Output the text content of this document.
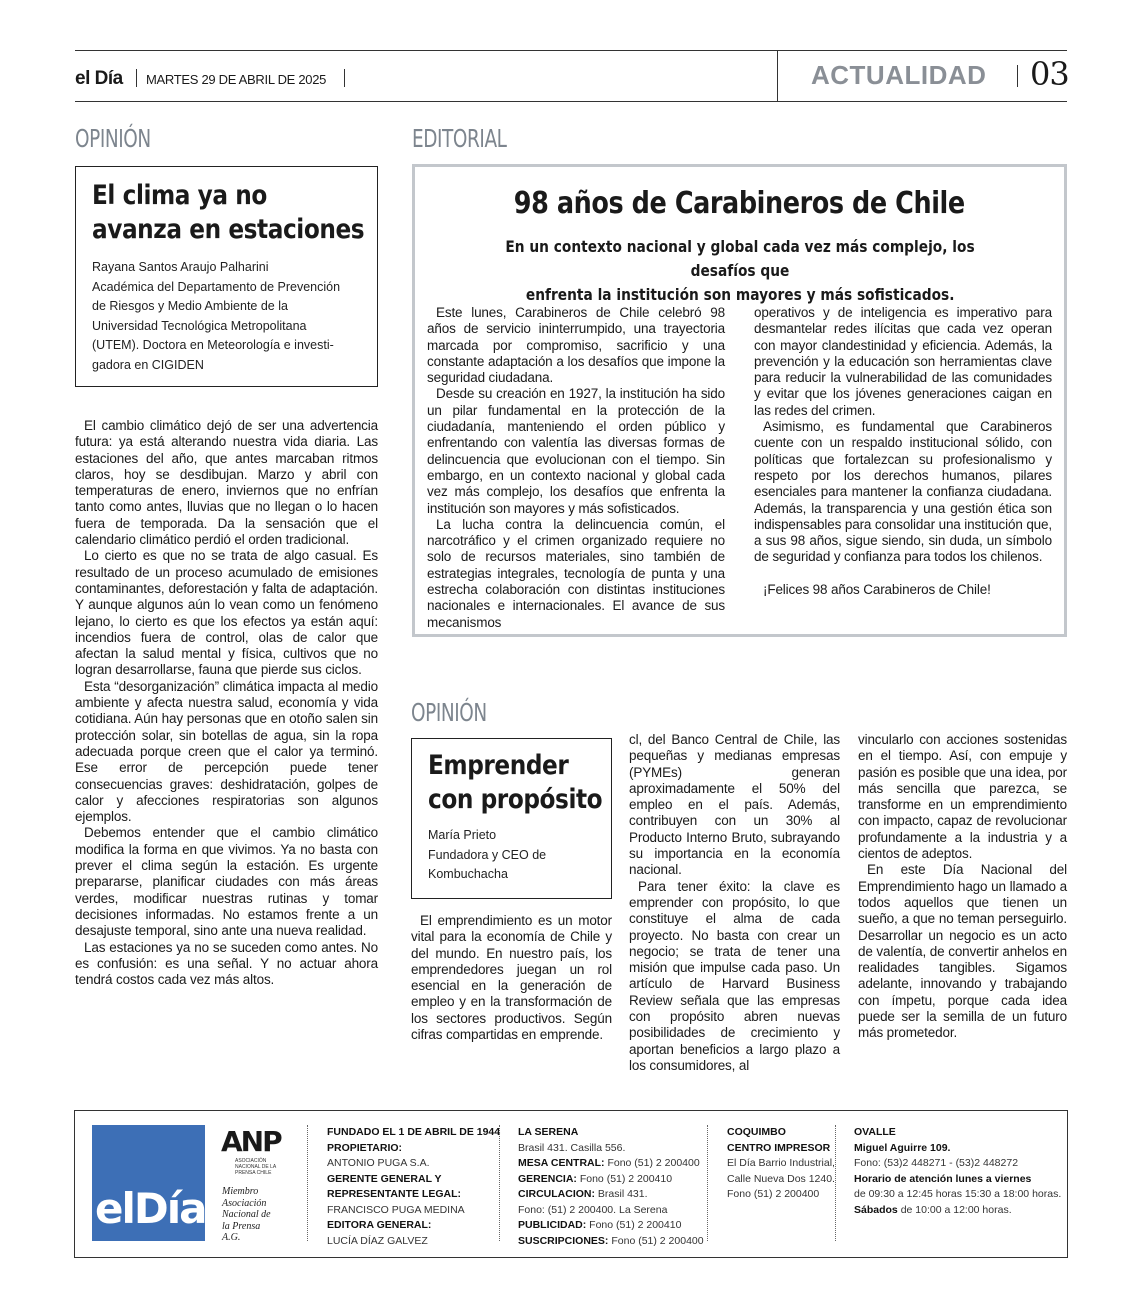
el Día MARTES 29 DE ABRIL DE 2025	ACTUALIDAD 03
OPINIÓN
El clima ya no
avanza en estaciones
Rayana Santos Araujo Palharini
Académica del Departamento de Prevención
de Riesgos y Medio Ambiente de la
Universidad Tecnológica Metropolitana
(UTEM). Doctora en Meteorología e investi-
gadora en CIGIDEN

El cambio climático dejó de ser una advertencia futura: ya está alterando nuestra vida diaria. Las estaciones del año, que antes marcaban ritmos claros, hoy se desdibujan. Marzo y abril con temperaturas de enero, inviernos que no enfrían tanto como antes, lluvias que no llegan o lo hacen fuera de temporada. Da la sensación que el calendario climático perdió el orden tradicional.

Lo cierto es que no se trata de algo casual. Es resultado de un proceso acumulado de emisiones contaminantes, deforestación y falta de adaptación. Y aunque algunos aún lo vean como un fenómeno lejano, lo cierto es que los efectos ya están aquí: incendios fuera de control, olas de calor que afectan la salud mental y física, cultivos que no logran desarrollarse, fauna que pierde sus ciclos.

Esta “desorganización” climática impacta al medio ambiente y afecta nuestra salud, economía y vida cotidiana. Aún hay personas que en otoño salen sin protección solar, sin botellas de agua, sin la ropa adecuada porque creen que el calor ya terminó. Ese error de percepción puede tener consecuencias graves: deshidratación, golpes de calor y afecciones respiratorias son algunos ejemplos.

Debemos entender que el cambio climático modifica la forma en que vivimos. Ya no basta con prever el clima según la estación. Es urgente prepararse, planificar ciudades con más áreas verdes, modificar nuestras rutinas y tomar decisiones informadas. No estamos frente a un desajuste temporal, sino ante una nueva realidad.

Las estaciones ya no se suceden como antes. No es confusión: es una señal. Y no actuar ahora tendrá costos cada vez más altos.

EDITORIAL
98 años de Carabineros de Chile
En un contexto nacional y global cada vez más complejo, los desafíos que
enfrenta la institución son mayores y más sofisticados.

Este lunes, Carabineros de Chile celebró 98 años de servicio ininterrumpido, una trayectoria marcada por compromiso, sacrificio y una constante adaptación a los desafíos que impone la seguridad ciudadana.

Desde su creación en 1927, la institución ha sido un pilar fundamental en la protección de la ciudadanía, manteniendo el orden público y enfrentando con valentía las diversas formas de delincuencia que evolucionan con el tiempo. Sin embargo, en un contexto nacional y global cada vez más complejo, los desafíos que enfrenta la institución son mayores y más sofisticados.

La lucha contra la delincuencia común, el narcotráfico y el crimen organizado requiere no solo de recursos materiales, sino también de estrategias integrales, tecnología de punta y una estrecha colaboración con distintas instituciones nacionales e internacionales. El avance de sus mecanismos

operativos y de inteligencia es imperativo para desmantelar redes ilícitas que cada vez operan con mayor clandestinidad y eficiencia. Además, la prevención y la educación son herramientas clave para reducir la vulnerabilidad de las comunidades y evitar que los jóvenes generaciones caigan en las redes del crimen.

Asimismo, es fundamental que Carabineros cuente con un respaldo institucional sólido, con políticas que fortalezcan su profesionalismo y respeto por los derechos humanos, pilares esenciales para mantener la confianza ciudadana. Además, la transparencia y una gestión ética son indispensables para consolidar una institución que, a sus 98 años, sigue siendo, sin duda, un símbolo de seguridad y confianza para todos los chilenos.

¡Felices 98 años Carabineros de Chile!

OPINIÓN
Emprender
con propósito
María Prieto
Fundadora y CEO de
Kombuchacha

El emprendimiento es un motor vital para la economía de Chile y del mundo. En nuestro país, los emprendedores juegan un rol esencial en la generación de empleo y en la transformación de los sectores productivos. Según cifras compartidas en emprende.

cl, del Banco Central de Chile, las pequeñas y medianas empresas (PYMEs) generan aproximadamente el 50% del empleo en el país. Además, contribuyen con un 30% al Producto Interno Bruto, subrayando su importancia en la economía nacional.

Para tener éxito: la clave es emprender con propósito, lo que constituye el alma de cada proyecto. No basta con crear un negocio; se trata de tener una misión que impulse cada paso. Un artículo de Harvard Business Review señala que las empresas con propósito abren nuevas posibilidades de crecimiento y aportan beneficios a largo plazo a los consumidores, al

vincularlo con acciones sostenidas en el tiempo. Así, con empuje y pasión es posible que una idea, por más sencilla que parezca, se transforme en un emprendimiento con impacto, capaz de revolucionar profundamente a la industria y a cientos de adeptos.

En este Día Nacional del Emprendimiento hago un llamado a todos aquellos que tienen un sueño, a que no teman perseguirlo. Desarrollar un negocio es un acto de valentía, de convertir anhelos en realidades tangibles. Sigamos adelante, innovando y trabajando con ímpetu, porque cada idea puede ser la semilla de un futuro más prometedor.

elDía
ANP
ASOCIACIÓN NACIONAL DE LA PRENSA CHILE
Miembro
Asociación
Nacional de
la Prensa
A.G.
FUNDADO EL 1 DE ABRIL DE 1944
PROPIETARIO:
ANTONIO PUGA S.A.
GERENTE GENERAL Y
REPRESENTANTE LEGAL:
FRANCISCO PUGA MEDINA
EDITORA GENERAL:
LUCÍA DÍAZ GALVEZ
LA SERENA
Brasil 431. Casilla 556.
MESA CENTRAL: Fono (51) 2 200400
GERENCIA: Fono (51) 2 200410
CIRCULACION: Brasil 431.
Fono: (51) 2 200400. La Serena
PUBLICIDAD: Fono (51) 2 200410
SUSCRIPCIONES: Fono (51) 2 200400
COQUIMBO
CENTRO IMPRESOR
El Día Barrio Industrial,
Calle Nueva Dos 1240.
Fono (51) 2 200400
OVALLE
Miguel Aguirre 109.
Fono: (53)2 448271 - (53)2 448272
Horario de atención lunes a viernes
de 09:30 a 12:45 horas 15:30 a 18:00 horas.
Sábados de 10:00 a 12:00 horas.
